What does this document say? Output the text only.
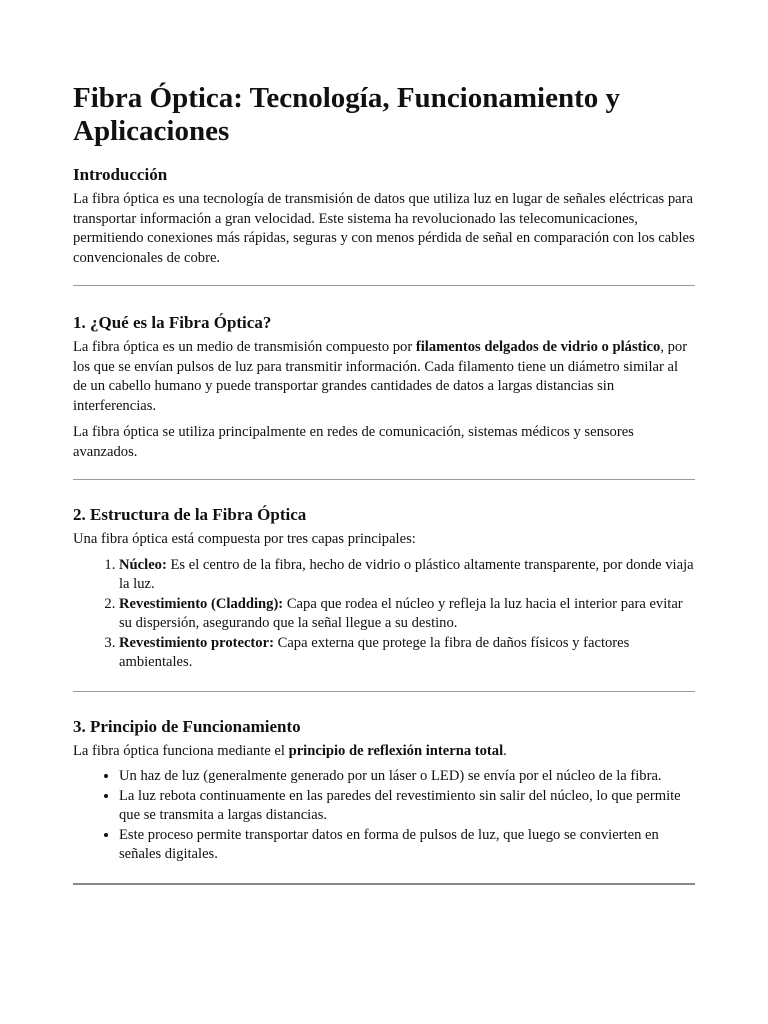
Fibra Óptica: Tecnología, Funcionamiento y Aplicaciones
Introducción

La fibra óptica es una tecnología de transmisión de datos que utiliza luz en lugar de señales eléctricas para transportar información a gran velocidad. Este sistema ha revolucionado las telecomunicaciones, permitiendo conexiones más rápidas, seguras y con menos pérdida de señal en comparación con los cables convencionales de cobre.

1. ¿Qué es la Fibra Óptica?

La fibra óptica es un medio de transmisión compuesto por filamentos delgados de vidrio o plástico, por los que se envían pulsos de luz para transmitir información. Cada filamento tiene un diámetro similar al de un cabello humano y puede transportar grandes cantidades de datos a largas distancias sin interferencias.

La fibra óptica se utiliza principalmente en redes de comunicación, sistemas médicos y sensores avanzados.

2. Estructura de la Fibra Óptica

Una fibra óptica está compuesta por tres capas principales:

1. Núcleo: Es el centro de la fibra, hecho de vidrio o plástico altamente transparente, por donde viaja la luz.
2. Revestimiento (Cladding): Capa que rodea el núcleo y refleja la luz hacia el interior para evitar su dispersión, asegurando que la señal llegue a su destino.
3. Revestimiento protector: Capa externa que protege la fibra de daños físicos y factores ambientales.
3. Principio de Funcionamiento

La fibra óptica funciona mediante el principio de reflexión interna total.

• Un haz de luz (generalmente generado por un láser o LED) se envía por el núcleo de la fibra.
• La luz rebota continuamente en las paredes del revestimiento sin salir del núcleo, lo que permite que se transmita a largas distancias.
• Este proceso permite transportar datos en forma de pulsos de luz, que luego se convierten en señales digitales.
